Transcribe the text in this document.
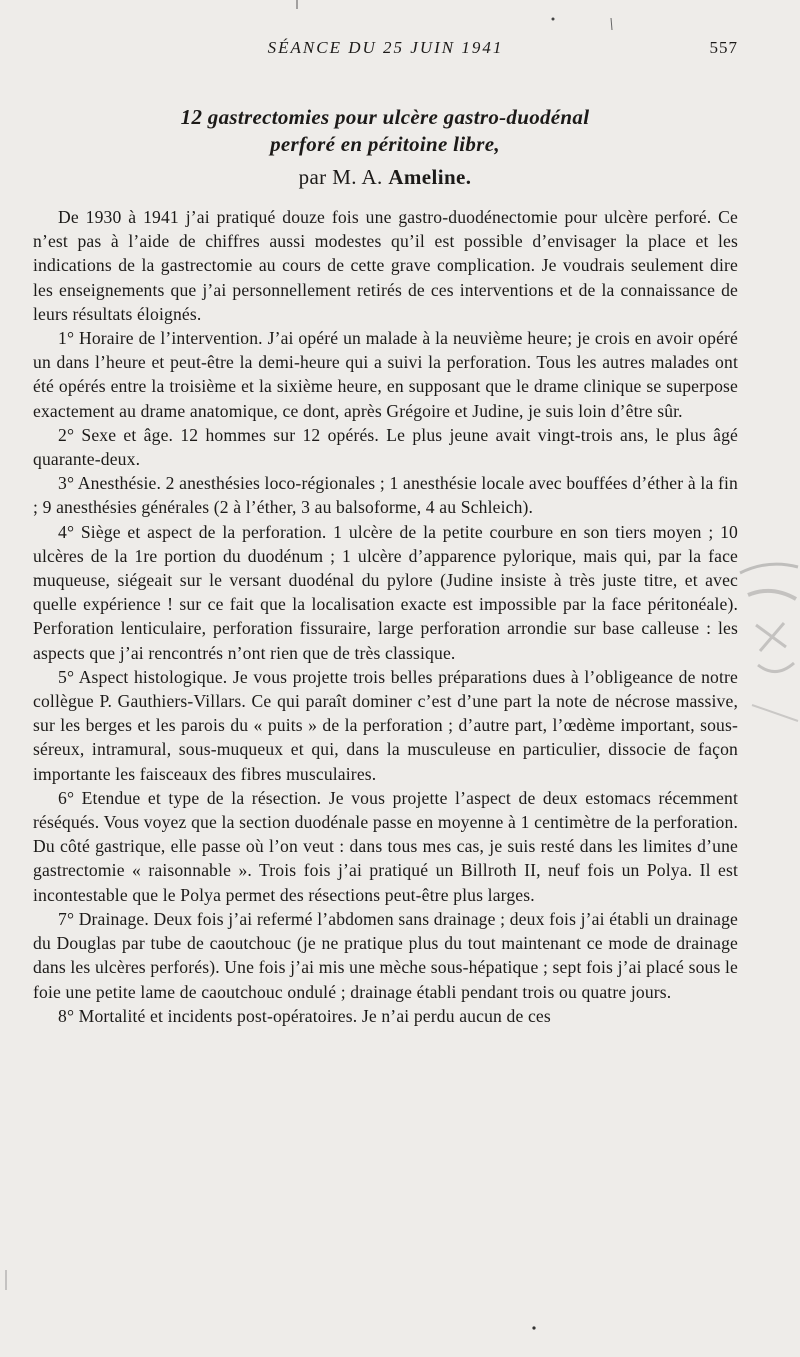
SÉANCE DU 25 JUIN 1941	557
12 gastrectomies pour ulcère gastro-duodénal
perforé en péritoine libre,
par M. A. Ameline.

De 1930 à 1941 j’ai pratiqué douze fois une gastro-duodénectomie pour ulcère perforé. Ce n’est pas à l’aide de chiffres aussi modestes qu’il est possible d’envisager la place et les indications de la gastrectomie au cours de cette grave complication. Je voudrais seulement dire les enseignements que j’ai personnellement retirés de ces interventions et de la connaissance de leurs résultats éloignés.

1° Horaire de l’intervention. J’ai opéré un malade à la neuvième heure; je crois en avoir opéré un dans l’heure et peut-être la demi-heure qui a suivi la perforation. Tous les autres malades ont été opérés entre la troisième et la sixième heure, en supposant que le drame clinique se superpose exactement au drame anatomique, ce dont, après Grégoire et Judine, je suis loin d’être sûr.

2° Sexe et âge. 12 hommes sur 12 opérés. Le plus jeune avait vingt-trois ans, le plus âgé quarante-deux.

3° Anesthésie. 2 anesthésies loco-régionales ; 1 anesthésie locale avec bouffées d’éther à la fin ; 9 anesthésies générales (2 à l’éther, 3 au balsoforme, 4 au Schleich).

4° Siège et aspect de la perforation. 1 ulcère de la petite courbure en son tiers moyen ; 10 ulcères de la 1re portion du duodénum ; 1 ulcère d’apparence pylorique, mais qui, par la face muqueuse, siégeait sur le versant duodénal du pylore (Judine insiste à très juste titre, et avec quelle expérience ! sur ce fait que la localisation exacte est impossible par la face péritonéale). Perforation lenticulaire, perforation fissuraire, large perforation arrondie sur base calleuse : les aspects que j’ai rencontrés n’ont rien que de très classique.

5° Aspect histologique. Je vous projette trois belles préparations dues à l’obligeance de notre collègue P. Gauthiers-Villars. Ce qui paraît dominer c’est d’une part la note de nécrose massive, sur les berges et les parois du « puits » de la perforation ; d’autre part, l’œdème important, sous-séreux, intramural, sous-muqueux et qui, dans la musculeuse en particulier, dissocie de façon importante les faisceaux des fibres musculaires.

6° Etendue et type de la résection. Je vous projette l’aspect de deux estomacs récemment réséqués. Vous voyez que la section duodénale passe en moyenne à 1 centimètre de la perforation. Du côté gastrique, elle passe où l’on veut : dans tous mes cas, je suis resté dans les limites d’une gastrectomie « raisonnable ». Trois fois j’ai pratiqué un Billroth II, neuf fois un Polya. Il est incontestable que le Polya permet des résections peut-être plus larges.

7° Drainage. Deux fois j’ai refermé l’abdomen sans drainage ; deux fois j’ai établi un drainage du Douglas par tube de caoutchouc (je ne pratique plus du tout maintenant ce mode de drainage dans les ulcères perforés). Une fois j’ai mis une mèche sous-hépatique ; sept fois j’ai placé sous le foie une petite lame de caoutchouc ondulé ; drainage établi pendant trois ou quatre jours.

8° Mortalité et incidents post-opératoires. Je n’ai perdu aucun de ces
